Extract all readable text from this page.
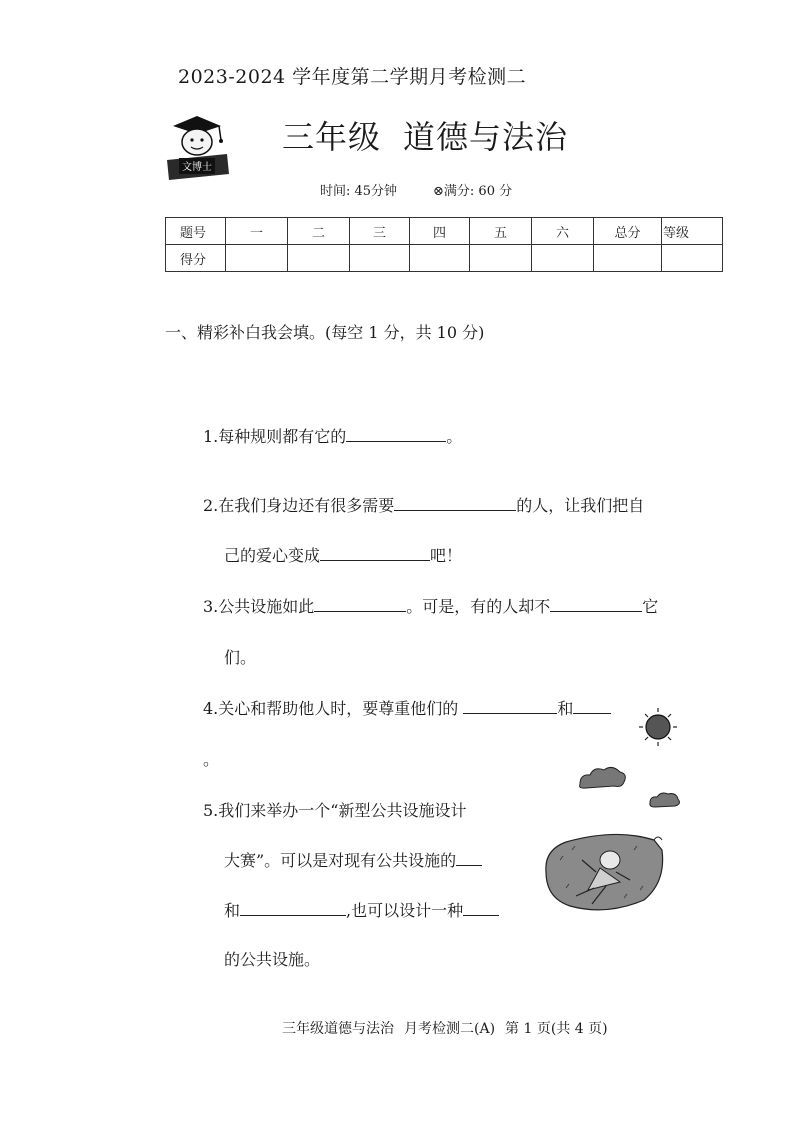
2023-2024 学年度第二学期月考检测二
文博士
三年级 道德与法治
时间: 45分钟	⊗满分: 60 分
题号	一	二	三	四	五	六	总分	等级
得分								
一、精彩补白我会填。(每空 1 分，共 10 分)
1.每种规则都有它的	。
2.在我们身边还有很多需要	的人，让我们把自
己的爱心变成	吧！
3.公共设施如此	。可是，有的人却不	它
们。
4.关心和帮助他人时，要尊重他们的	和
。
5.我们来举办一个“新型公共设施设计
大赛”。可以是对现有公共设施的
和	,也可以设计一种
的公共设施。
三年级道德与法治 月考检测二(A) 第 1 页(共 4 页)
